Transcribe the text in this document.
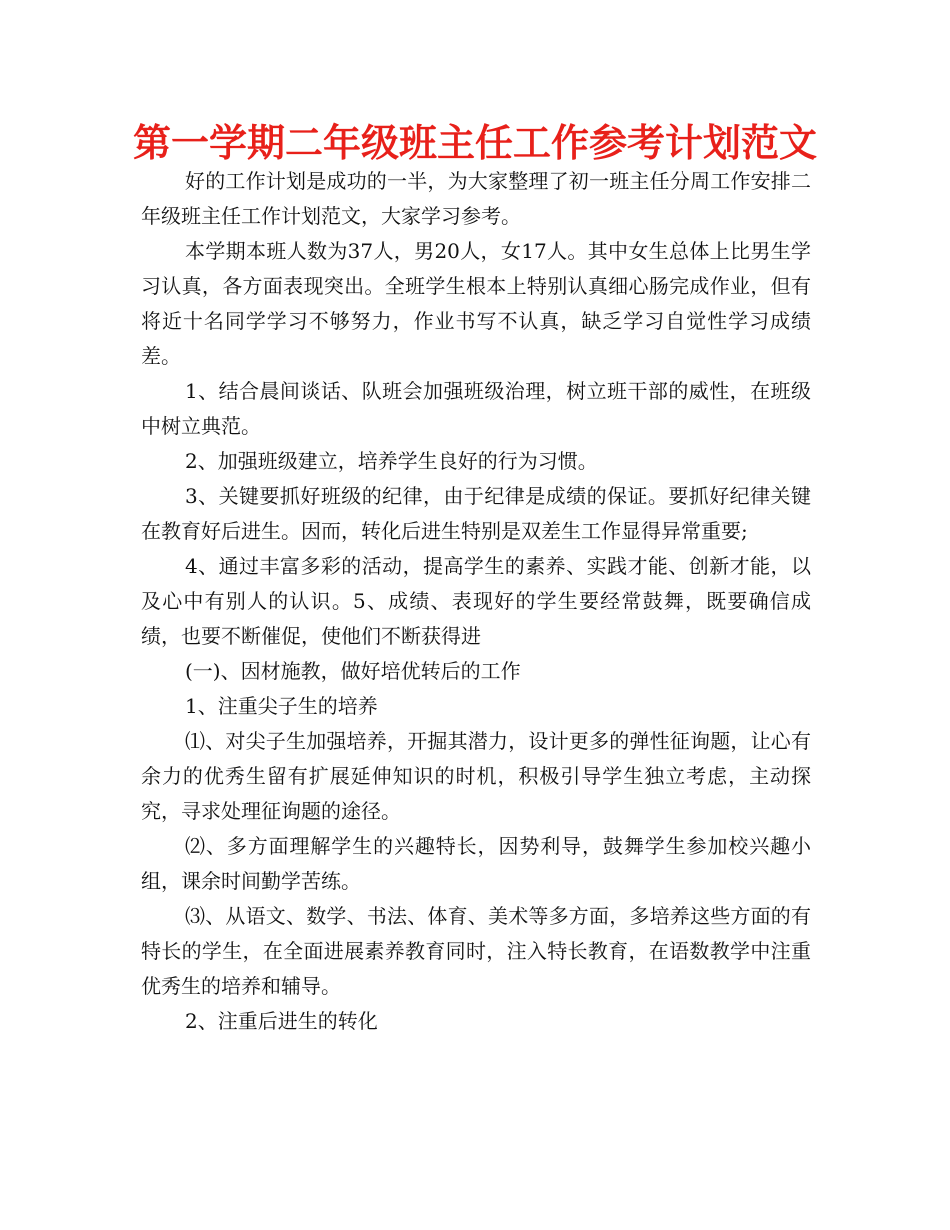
第一学期二年级班主任工作参考计划范文

好的工作计划是成功的一半，为大家整理了初一班主任分周工作安排二年级班主任工作计划范文，大家学习参考。

本学期本班人数为37人，男20人，女17人。其中女生总体上比男生学习认真，各方面表现突出。全班学生根本上特别认真细心肠完成作业，但有将近十名同学学习不够努力，作业书写不认真，缺乏学习自觉性学习成绩差。

1、结合晨间谈话、队班会加强班级治理，树立班干部的威性，在班级中树立典范。

2、加强班级建立，培养学生良好的行为习惯。

3、关键要抓好班级的纪律，由于纪律是成绩的保证。要抓好纪律关键在教育好后进生。因而，转化后进生特别是双差生工作显得异常重要;

4、通过丰富多彩的活动，提高学生的素养、实践才能、创新才能，以及心中有别人的认识。5、成绩、表现好的学生要经常鼓舞，既要确信成绩，也要不断催促，使他们不断获得进

(一)、因材施教，做好培优转后的工作

1、注重尖子生的培养

⑴、对尖子生加强培养，开掘其潜力，设计更多的弹性征询题，让心有余力的优秀生留有扩展延伸知识的时机，积极引导学生独立考虑，主动探究，寻求处理征询题的途径。

⑵、多方面理解学生的兴趣特长，因势利导，鼓舞学生参加校兴趣小组，课余时间勤学苦练。

⑶、从语文、数学、书法、体育、美术等多方面，多培养这些方面的有特长的学生，在全面进展素养教育同时，注入特长教育，在语数教学中注重优秀生的培养和辅导。

2、注重后进生的转化
